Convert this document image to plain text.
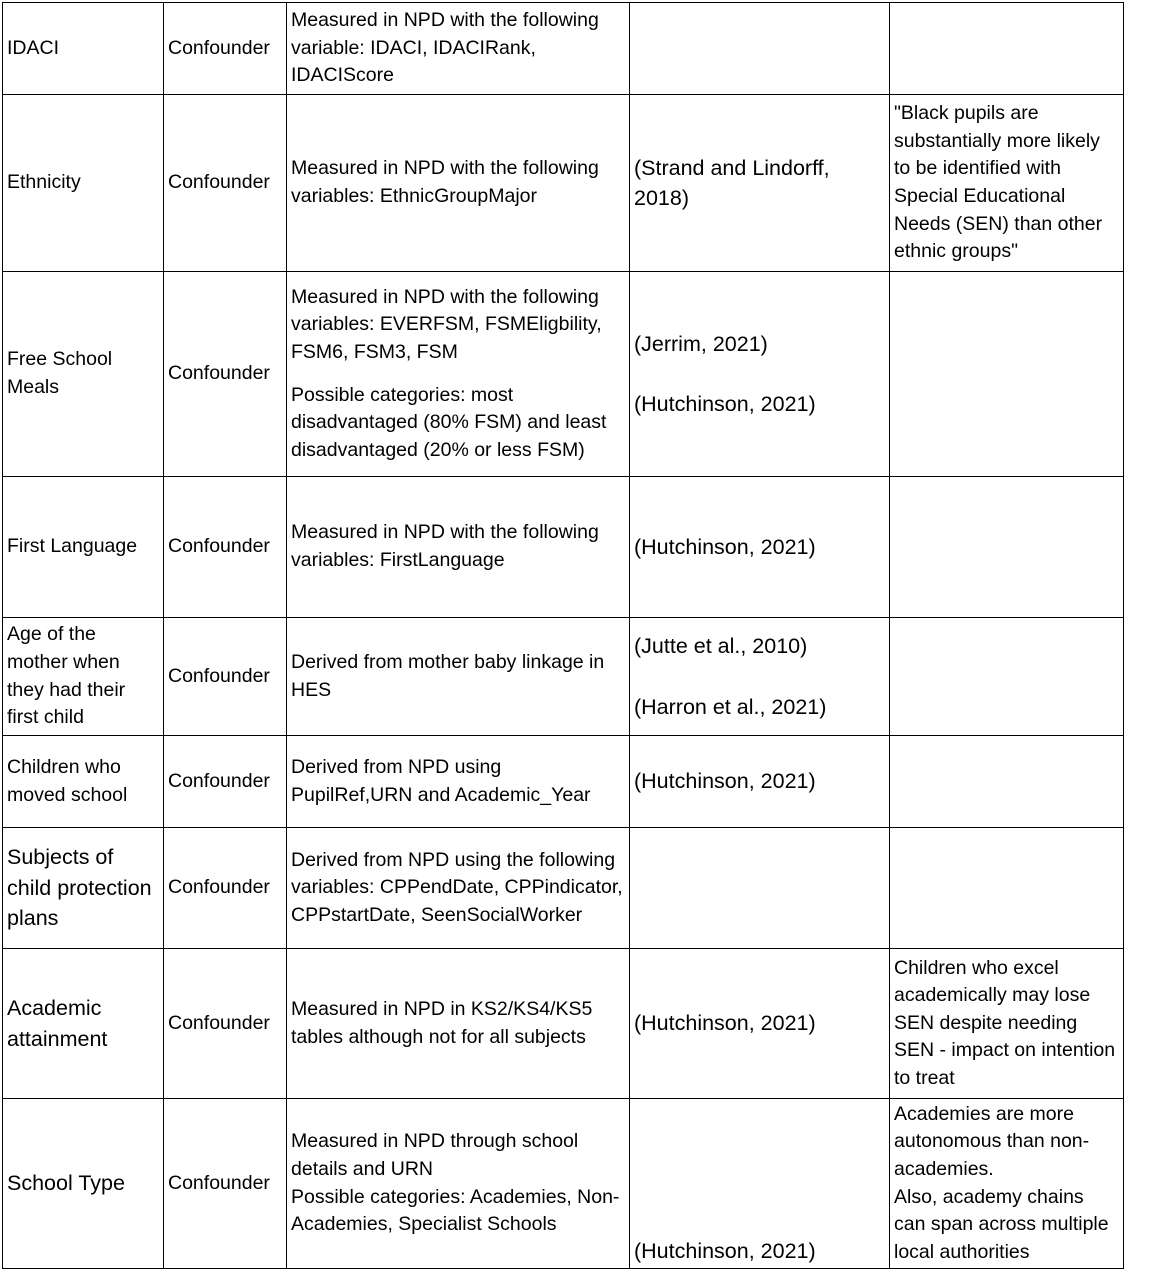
IDACI	Confounder	Measured in NPD with the following variable: IDACI, IDACIRank, IDACIScore		

Ethnicity	Confounder	Measured in NPD with the following variables: EthnicGroupMajor	(Strand and Lindorff, 2018)	"Black pupils are substantially more likely to be identified with Special Educational Needs (SEN) than other ethnic groups"

Free School Meals	Confounder	Measured in NPD with the following variables: EVERFSM, FSMEligbility, FSM6, FSM3, FSM
Possible categories: most disadvantaged (80% FSM) and least disadvantaged (20% or less FSM)	(Jerrim, 2021)
(Hutchinson, 2021)	

First Language	Confounder	Measured in NPD with the following variables: FirstLanguage	(Hutchinson, 2021)	

Age of the mother when they had their first child	Confounder	Derived from mother baby linkage in HES	(Jutte et al., 2010)
(Harron et al., 2021)	

Children who moved school	Confounder	Derived from NPD using PupilRef,URN and Academic_Year	(Hutchinson, 2021)	

Subjects of child protection plans	Confounder	Derived from NPD using the following variables: CPPendDate, CPPindicator, CPPstartDate, SeenSocialWorker		

Academic attainment	Confounder	Measured in NPD in KS2/KS4/KS5 tables although not for all subjects	(Hutchinson, 2021)	Children who excel academically may lose SEN despite needing SEN - impact on intention to treat

School Type	Confounder	Measured in NPD through school details and URN
Possible categories: Academies, Non-Academies, Specialist Schools	(Hutchinson, 2021)	Academies are more autonomous than non-academies.
Also, academy chains can span across multiple local authorities
